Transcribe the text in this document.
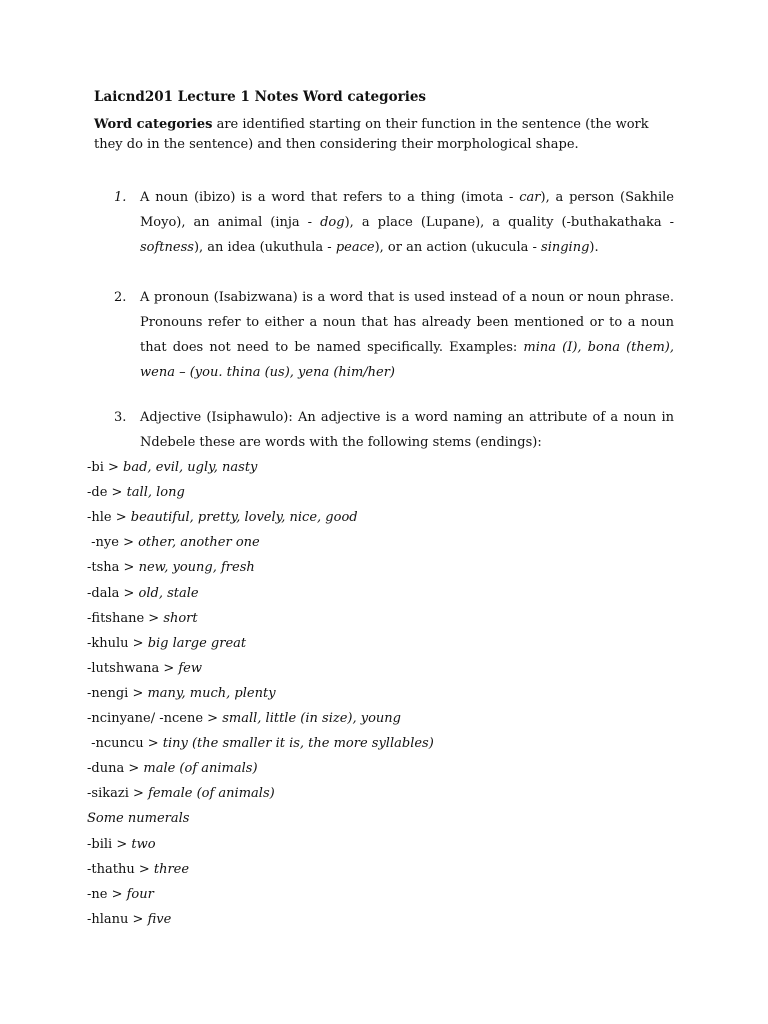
Laicnd201 Lecture 1 Notes Word categories
Word categories are identified starting on their function in the sentence (the work they do in the sentence) and then considering their morphological shape.
1. A noun (ibizo) is a word that refers to a thing (imota - car), a person (Sakhile Moyo), an animal (inja - dog), a place (Lupane), a quality (-buthakathaka - softness), an idea (ukuthula - peace), or an action (ukucula - singing).
2. A pronoun (Isabizwana) is a word that is used instead of a noun or noun phrase. Pronouns refer to either a noun that has already been mentioned or to a noun that does not need to be named specifically. Examples: mina (I), bona (them), wena – (you. thina (us), yena (him/her)
3. Adjective (Isiphawulo): An adjective is a word naming an attribute of a noun in Ndebele these are words with the following stems (endings):
-bi > bad, evil, ugly, nasty
-de > tall, long
-hle > beautiful, pretty, lovely, nice, good
-nye > other, another one
-tsha > new, young, fresh
-dala > old, stale
-fitshane > short
-khulu > big large great
-lutshwana > few
-nengi > many, much, plenty
-ncinyane/ -ncene > small, little (in size), young
-ncuncu > tiny (the smaller it is, the more syllables)
-duna > male (of animals)
-sikazi > female (of animals)
Some numerals
-bili > two
-thathu > three
-ne > four
-hlanu > five
